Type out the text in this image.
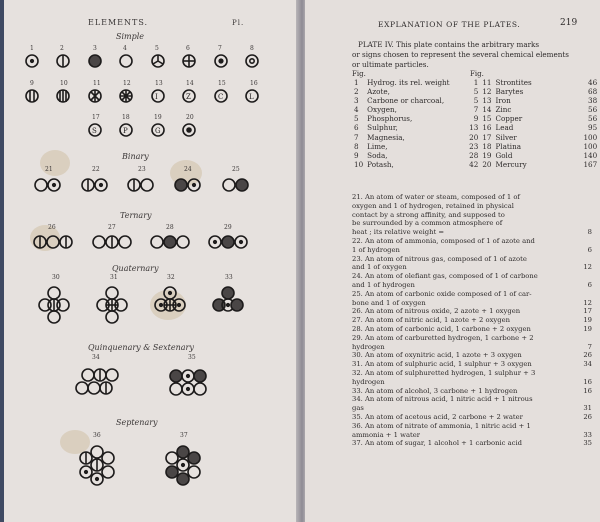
ELEMENTS.	Pl.
Simple
Binary
Ternary
Quaternary
Quinquenary & Sextenary
Septenary
1	2	3	4	5	6	7	8
9	10	11	12	13	14	15	16
17	18	19	20
21	22	23	24	25
26	27	28	29
30	31	32	33
34	35
36	37
I	Z	C	L
S	P	G
EXPLANATION OF THE PLATES.	219
PLATE IV. This plate contains the arbitrary marks
or signs chosen to represent the several chemical elements
or ultimate particles.
Fig.	Fig.
1	Hydrog. its rel. weight	1	11	Strontites	46
2	Azote,	5	12	Barytes	68
3	Carbone or charcoal,	5	13	Iron	38
4	Oxygen,	7	14	Zinc	56
5	Phosphorus,	9	15	Copper	56
6	Sulphur,	13	16	Lead	95
7	Magnesia,	20	17	Silver	100
8	Lime,	23	18	Platina	100
9	Soda,	28	19	Gold	140
10	Potash,	42	20	Mercury	167
21. An atom of water or steam, composed of 1 of
oxygen and 1 of hydrogen, retained in physical
contact by a strong affinity, and supposed to
be surrounded by a common atmosphere of
heat ; its relative weight =	8
22. An atom of ammonia, composed of 1 of azote and
1 of hydrogen	6
23. An atom of nitrous gas, composed of 1 of azote
and 1 of oxygen	12
24. An atom of olefiant gas, composed of 1 of carbone
and 1 of hydrogen	6
25. An atom of carbonic oxide composed of 1 of car-
bone and 1 of oxygen	12
26. An atom of nitrous oxide, 2 azote + 1 oxygen	17
27. An atom of nitric acid, 1 azote + 2 oxygen	19
28. An atom of carbonic acid, 1 carbone + 2 oxygen	19
29. An atom of carburetted hydrogen, 1 carbone + 2
hydrogen	7
30. An atom of oxynitric acid, 1 azote + 3 oxygen	26
31. An atom of sulphuric acid, 1 sulphur + 3 oxygen	34
32. An atom of sulphuretted hydrogen, 1 sulphur + 3
hydrogen	16
33. An atom of alcohol, 3 carbone + 1 hydrogen	16
34. An atom of nitrous acid, 1 nitric acid + 1 nitrous
gas	31
35. An atom of acetous acid, 2 carbone + 2 water	26
36. An atom of nitrate of ammonia, 1 nitric acid + 1
ammonia + 1 water	33
37. An atom of sugar, 1 alcohol + 1 carbonic acid	35
